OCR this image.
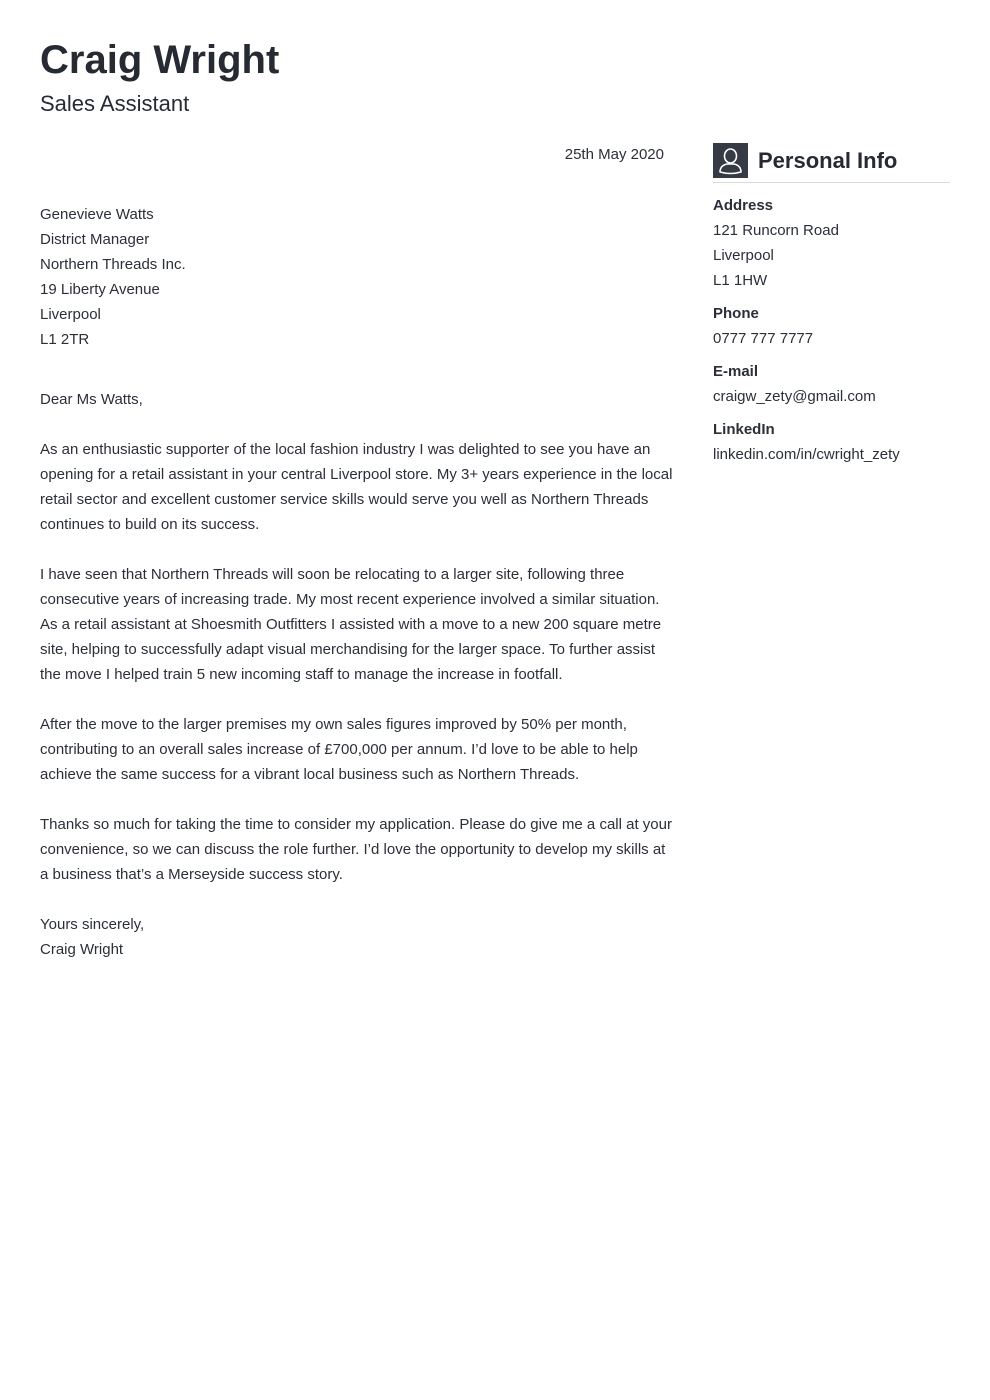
Craig Wright
Sales Assistant
25th May 2020
Genevieve Watts
District Manager
Northern Threads Inc.
19 Liberty Avenue
Liverpool
L1 2TR
Dear Ms Watts,

As an enthusiastic supporter of the local fashion industry I was delighted to see you have an opening for a retail assistant in your central Liverpool store. My 3+ years experience in the local retail sector and excellent customer service skills would serve you well as Northern Threads continues to build on its success.

I have seen that Northern Threads will soon be relocating to a larger site, following three consecutive years of increasing trade. My most recent experience involved a similar situation. As a retail assistant at Shoesmith Outfitters I assisted with a move to a new 200 square metre site, helping to successfully adapt visual merchandising for the larger space. To further assist the move I helped train 5 new incoming staff to manage the increase in footfall.

After the move to the larger premises my own sales figures improved by 50% per month, contributing to an overall sales increase of £700,000 per annum. I’d love to be able to help achieve the same success for a vibrant local business such as Northern Threads.

Thanks so much for taking the time to consider my application. Please do give me a call at your convenience, so we can discuss the role further. I’d love the opportunity to develop my skills at a business that’s a Merseyside success story.

Yours sincerely,
Craig Wright
Personal Info
Address
121 Runcorn Road
Liverpool
L1 1HW
Phone
0777 777 7777
E-mail
craigw_zety@gmail.com
LinkedIn
linkedin.com/in/cwright_zety
